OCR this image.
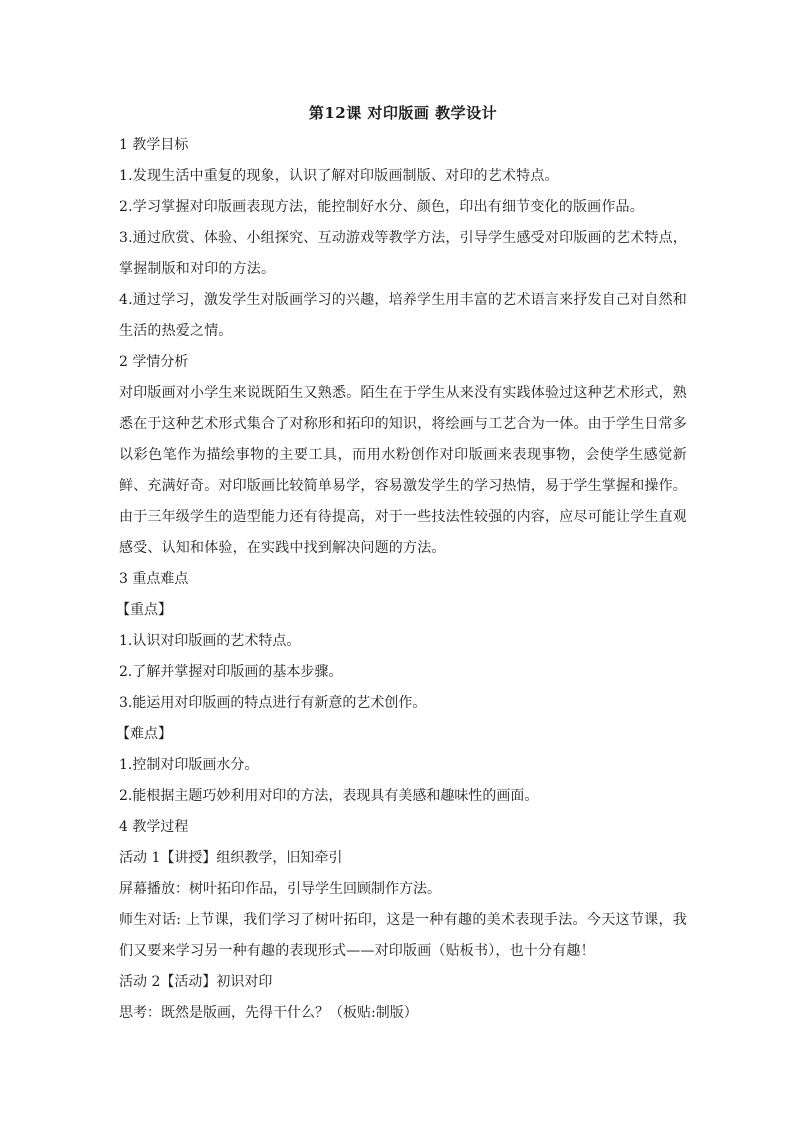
第12课 对印版画 教学设计

1 教学目标

1.发现生活中重复的现象，认识了解对印版画制版、对印的艺术特点。

2.学习掌握对印版画表现方法，能控制好水分、颜色，印出有细节变化的版画作品。

3.通过欣赏、体验、小组探究、互动游戏等教学方法，引导学生感受对印版画的艺术特点，掌握制版和对印的方法。

4.通过学习，激发学生对版画学习的兴趣，培养学生用丰富的艺术语言来抒发自己对自然和生活的热爱之情。

2 学情分析

对印版画对小学生来说既陌生又熟悉。陌生在于学生从来没有实践体验过这种艺术形式，熟悉在于这种艺术形式集合了对称形和拓印的知识，将绘画与工艺合为一体。由于学生日常多以彩色笔作为描绘事物的主要工具，而用水粉创作对印版画来表现事物，会使学生感觉新鲜、充满好奇。对印版画比较简单易学，容易激发学生的学习热情，易于学生掌握和操作。由于三年级学生的造型能力还有待提高，对于一些技法性较强的内容，应尽可能让学生直观感受、认知和体验，在实践中找到解决问题的方法。

3 重点难点

【重点】

1.认识对印版画的艺术特点。

2.了解并掌握对印版画的基本步骤。

3.能运用对印版画的特点进行有新意的艺术创作。

【难点】

1.控制对印版画水分。

2.能根据主题巧妙利用对印的方法，表现具有美感和趣味性的画面。

4 教学过程

活动 1【讲授】组织教学，旧知牵引

屏幕播放：树叶拓印作品，引导学生回顾制作方法。

师生对话: 上节课，我们学习了树叶拓印，这是一种有趣的美术表现手法。今天这节课，我们又要来学习另一种有趣的表现形式——对印版画（贴板书），也十分有趣！

活动 2【活动】初识对印

思考：既然是版画，先得干什么？（板贴:制版）
